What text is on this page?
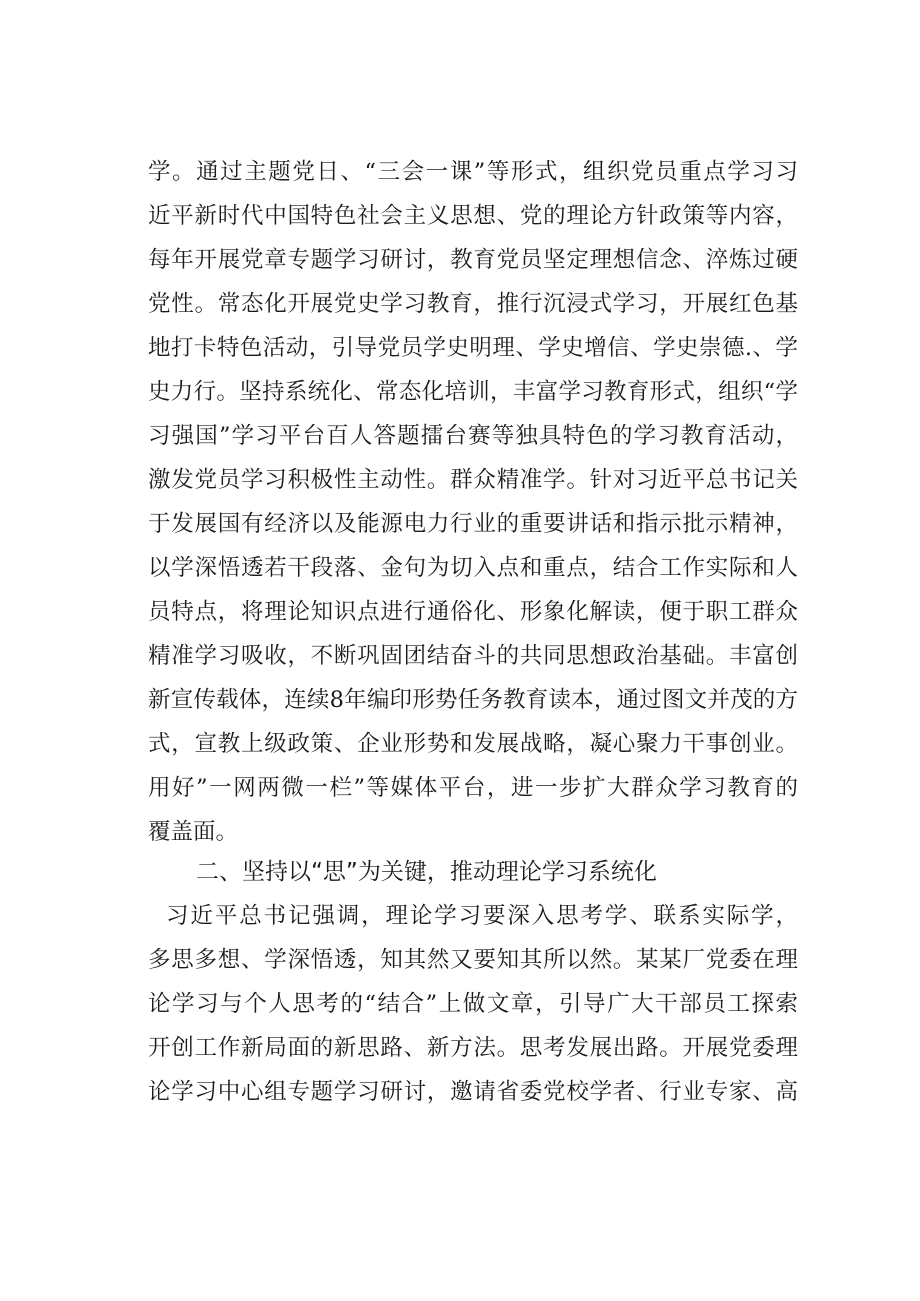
学。通过主题党日、“三会一课”等形式，组织党员重点学习习
近平新时代中国特色社会主义思想、党的理论方针政策等内容，
每年开展党章专题学习研讨，教育党员坚定理想信念、淬炼过硬
党性。常态化开展党史学习教育，推行沉浸式学习，开展红色基
地打卡特色活动，引导党员学史明理、学史增信、学史崇德.、学
史力行。坚持系统化、常态化培训，丰富学习教育形式，组织“学
习强国”学习平台百人答题擂台赛等独具特色的学习教育活动，
激发党员学习积极性主动性。群众精准学。针对习近平总书记关
于发展国有经济以及能源电力行业的重要讲话和指示批示精神，
以学深悟透若干段落、金句为切入点和重点，结合工作实际和人
员特点，将理论知识点进行通俗化、形象化解读，便于职工群众
精准学习吸收，不断巩固团结奋斗的共同思想政治基础。丰富创
新宣传载体，连续8年编印形势任务教育读本，通过图文并茂的方
式，宣教上级政策、企业形势和发展战略，凝心聚力干事创业。
用好”一网两微一栏”等媒体平台，进一步扩大群众学习教育的
覆盖面。
二、坚持以“思”为关键，推动理论学习系统化
习近平总书记强调，理论学习要深入思考学、联系实际学，
多思多想、学深悟透，知其然又要知其所以然。某某厂党委在理
论学习与个人思考的“结合”上做文章，引导广大干部员工探索
开创工作新局面的新思路、新方法。思考发展出路。开展党委理
论学习中心组专题学习研讨，邀请省委党校学者、行业专家、高
